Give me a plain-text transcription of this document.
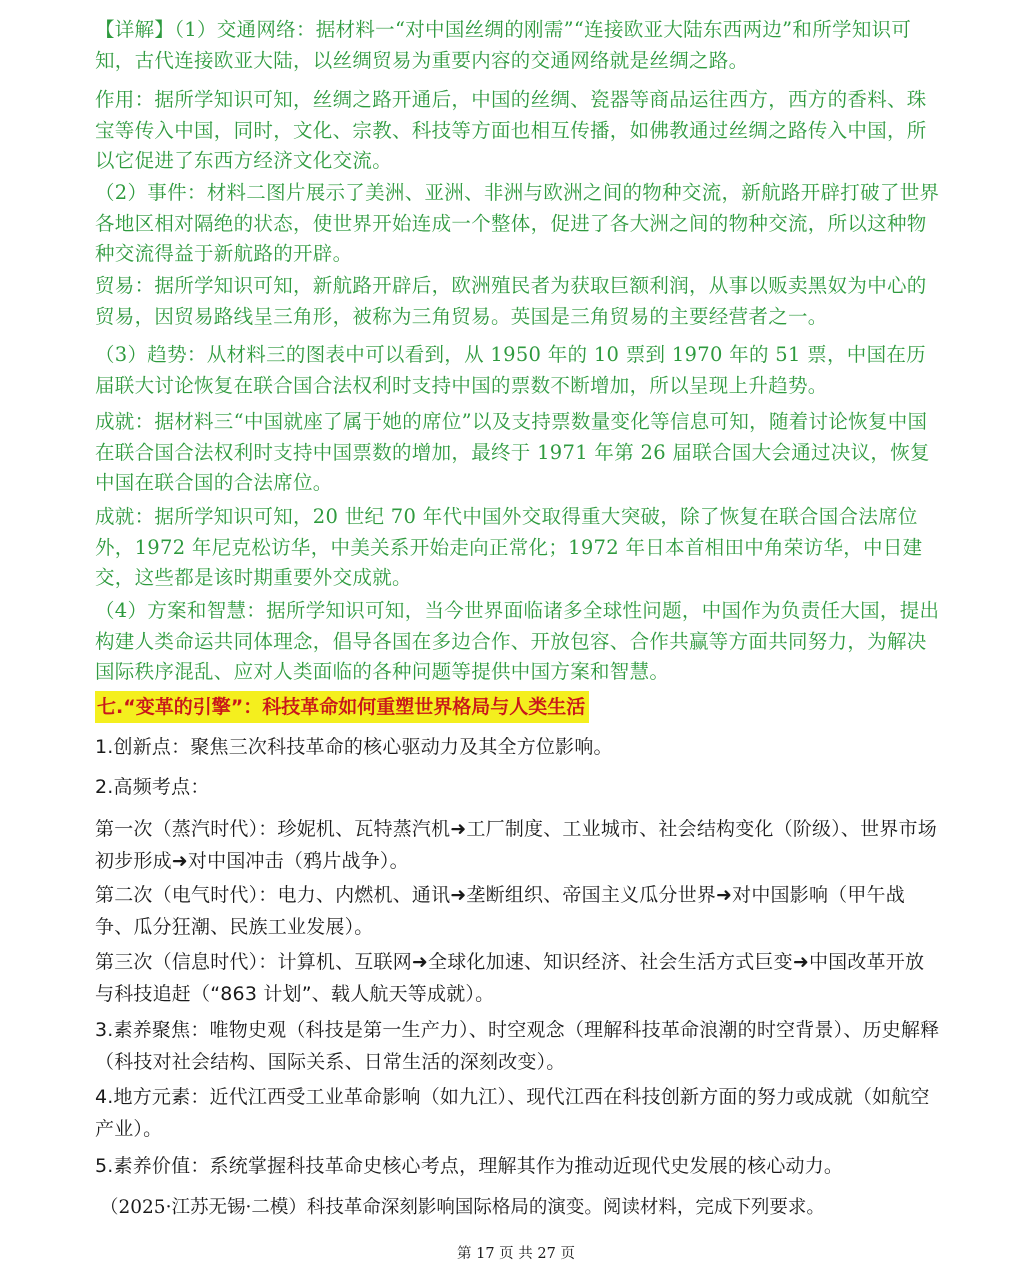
【详解】（1）交通网络：据材料一“对中国丝绸的刚需”“连接欧亚大陆东西两边”和所学知识可知，古代连接欧亚大陆，以丝绸贸易为重要内容的交通网络就是丝绸之路。

作用：据所学知识可知，丝绸之路开通后，中国的丝绸、瓷器等商品运往西方，西方的香料、珠宝等传入中国，同时，文化、宗教、科技等方面也相互传播，如佛教通过丝绸之路传入中国，所以它促进了东西方经济文化交流。

（2）事件：材料二图片展示了美洲、亚洲、非洲与欧洲之间的物种交流，新航路开辟打破了世界各地区相对隔绝的状态，使世界开始连成一个整体，促进了各大洲之间的物种交流，所以这种物种交流得益于新航路的开辟。

贸易：据所学知识可知，新航路开辟后，欧洲殖民者为获取巨额利润，从事以贩卖黑奴为中心的贸易，因贸易路线呈三角形，被称为三角贸易。英国是三角贸易的主要经营者之一。

（3）趋势：从材料三的图表中可以看到，从 1950 年的 10 票到 1970 年的 51 票，中国在历届联大讨论恢复在联合国合法权利时支持中国的票数不断增加，所以呈现上升趋势。

成就：据材料三“中国就座了属于她的席位”以及支持票数量变化等信息可知，随着讨论恢复中国在联合国合法权利时支持中国票数的增加，最终于 1971 年第 26 届联合国大会通过决议，恢复中国在联合国的合法席位。

成就：据所学知识可知，20 世纪 70 年代中国外交取得重大突破，除了恢复在联合国合法席位外，1972 年尼克松访华，中美关系开始走向正常化；1972 年日本首相田中角荣访华，中日建交，这些都是该时期重要外交成就。

（4）方案和智慧：据所学知识可知，当今世界面临诸多全球性问题，中国作为负责任大国，提出构建人类命运共同体理念，倡导各国在多边合作、开放包容、合作共赢等方面共同努力，为解决国际秩序混乱、应对人类面临的各种问题等提供中国方案和智慧。

七.“变革的引擎”：科技革命如何重塑世界格局与人类生活

1.创新点：聚焦三次科技革命的核心驱动力及其全方位影响。

2.高频考点：

第一次（蒸汽时代）：珍妮机、瓦特蒸汽机➜工厂制度、工业城市、社会结构变化（阶级）、世界市场初步形成➜对中国冲击（鸦片战争）。

第二次（电气时代）：电力、内燃机、通讯➜垄断组织、帝国主义瓜分世界➜对中国影响（甲午战争、瓜分狂潮、民族工业发展）。

第三次（信息时代）：计算机、互联网➜全球化加速、知识经济、社会生活方式巨变➜中国改革开放与科技追赶（“863 计划”、载人航天等成就）。

3.素养聚焦：唯物史观（科技是第一生产力）、时空观念（理解科技革命浪潮的时空背景）、历史解释（科技对社会结构、国际关系、日常生活的深刻改变）。

4.地方元素：近代江西受工业革命影响（如九江）、现代江西在科技创新方面的努力或成就（如航空产业）。

5.素养价值：系统掌握科技革命史核心考点，理解其作为推动近现代史发展的核心动力。

（2025·江苏无锡·二模）科技革命深刻影响国际格局的演变。阅读材料，完成下列要求。

第 17 页 共 27 页
